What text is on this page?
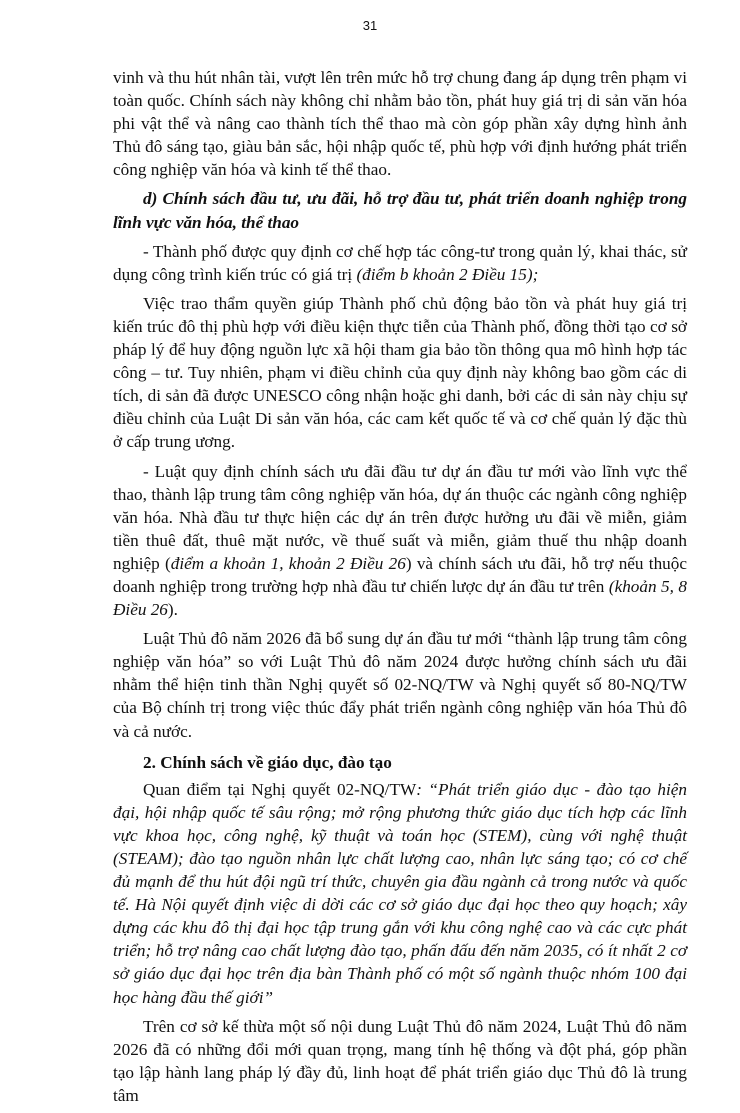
31

vinh và thu hút nhân tài, vượt lên trên mức hỗ trợ chung đang áp dụng trên phạm vi toàn quốc. Chính sách này không chỉ nhằm bảo tồn, phát huy giá trị di sản văn hóa phi vật thể và nâng cao thành tích thể thao mà còn góp phần xây dựng hình ảnh Thủ đô sáng tạo, giàu bản sắc, hội nhập quốc tế, phù hợp với định hướng phát triển công nghiệp văn hóa và kinh tế thể thao.

d) Chính sách đầu tư, ưu đãi, hỗ trợ đầu tư, phát triển doanh nghiệp trong lĩnh vực văn hóa, thể thao

- Thành phố được quy định cơ chế hợp tác công-tư trong quản lý, khai thác, sử dụng công trình kiến trúc có giá trị (điểm b khoản 2 Điều 15);

Việc trao thẩm quyền giúp Thành phố chủ động bảo tồn và phát huy giá trị kiến trúc đô thị phù hợp với điều kiện thực tiễn của Thành phố, đồng thời tạo cơ sở pháp lý để huy động nguồn lực xã hội tham gia bảo tồn thông qua mô hình hợp tác công – tư. Tuy nhiên, phạm vi điều chỉnh của quy định này không bao gồm các di tích, di sản đã được UNESCO công nhận hoặc ghi danh, bởi các di sản này chịu sự điều chỉnh của Luật Di sản văn hóa, các cam kết quốc tế và cơ chế quản lý đặc thù ở cấp trung ương.

- Luật quy định chính sách ưu đãi đầu tư dự án đầu tư mới vào lĩnh vực thể thao, thành lập trung tâm công nghiệp văn hóa, dự án thuộc các ngành công nghiệp văn hóa. Nhà đầu tư thực hiện các dự án trên được hưởng ưu đãi về miễn, giảm tiền thuê đất, thuê mặt nước, về thuế suất và miễn, giảm thuế thu nhập doanh nghiệp (điểm a khoản 1, khoản 2 Điều 26) và chính sách ưu đãi, hỗ trợ nếu thuộc doanh nghiệp trong trường hợp nhà đầu tư chiến lược dự án đầu tư trên (khoản 5, 8 Điều 26).

Luật Thủ đô năm 2026 đã bổ sung dự án đầu tư mới “thành lập trung tâm công nghiệp văn hóa” so với Luật Thủ đô năm 2024 được hưởng chính sách ưu đãi nhằm thể hiện tinh thần Nghị quyết số 02-NQ/TW và Nghị quyết số 80-NQ/TW của Bộ chính trị trong việc thúc đẩy phát triển ngành công nghiệp văn hóa Thủ đô và cả nước.

2. Chính sách về giáo dục, đào tạo

Quan điểm tại Nghị quyết 02-NQ/TW: “Phát triển giáo dục - đào tạo hiện đại, hội nhập quốc tế sâu rộng; mở rộng phương thức giáo dục tích hợp các lĩnh vực khoa học, công nghệ, kỹ thuật và toán học (STEM), cùng với nghệ thuật (STEAM); đào tạo nguồn nhân lực chất lượng cao, nhân lực sáng tạo; có cơ chế đủ mạnh để thu hút đội ngũ trí thức, chuyên gia đầu ngành cả trong nước và quốc tế. Hà Nội quyết định việc di dời các cơ sở giáo dục đại học theo quy hoạch; xây dựng các khu đô thị đại học tập trung gắn với khu công nghệ cao và các cực phát triển; hỗ trợ nâng cao chất lượng đào tạo, phấn đấu đến năm 2035, có ít nhất 2 cơ sở giáo dục đại học trên địa bàn Thành phố có một số ngành thuộc nhóm 100 đại học hàng đầu thế giới”

Trên cơ sở kế thừa một số nội dung Luật Thủ đô năm 2024, Luật Thủ đô năm 2026 đã có những đổi mới quan trọng, mang tính hệ thống và đột phá, góp phần tạo lập hành lang pháp lý đầy đủ, linh hoạt để phát triển giáo dục Thủ đô là trung tâm
